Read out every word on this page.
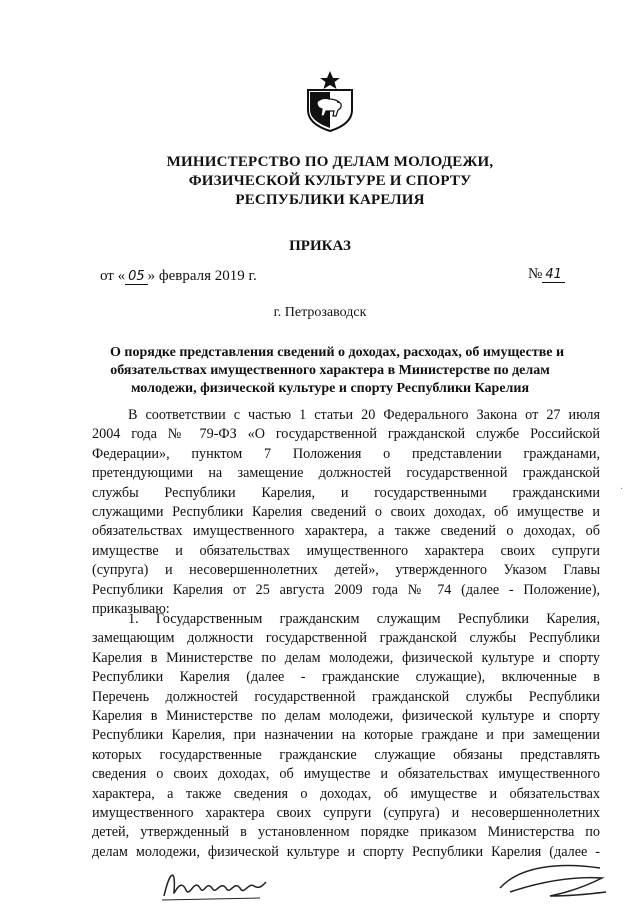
МИНИСТЕРСТВО ПО ДЕЛАМ МОЛОДЕЖИ,
ФИЗИЧЕСКОЙ КУЛЬТУРЕ И СПОРТУ
РЕСПУБЛИКИ КАРЕЛИЯ
ПРИКАЗ
от « 05 » февраля 2019 г.	№ 41
г. Петрозаводск
О порядке представления сведений о доходах, расходах, об имуществе и
обязательствах имущественного характера в Министерстве по делам
молодежи, физической культуре и спорту Республики Карелия
В соответствии с частью 1 статьи 20 Федерального Закона от 27 июля
2004 года № 79-ФЗ «О государственной гражданской службе Российской
Федерации», пунктом 7 Положения о представлении гражданами,
претендующими на замещение должностей государственной гражданской
службы Республики Карелия, и государственными гражданскими
служащими Республики Карелия сведений о своих доходах, об имуществе и
обязательствах имущественного характера, а также сведений о доходах, об
имуществе и обязательствах имущественного характера своих супруги
(супруга) и несовершеннолетних детей», утвержденного Указом Главы
Республики Карелия от 25 августа 2009 года № 74 (далее - Положение),
приказываю:
1. Государственным гражданским служащим Республики Карелия,
замещающим должности государственной гражданской службы Республики
Карелия в Министерстве по делам молодежи, физической культуре и спорту
Республики Карелия (далее - гражданские служащие), включенные в
Перечень должностей государственной гражданской службы Республики
Карелия в Министерстве по делам молодежи, физической культуре и спорту
Республики Карелия, при назначении на которые граждане и при замещении
которых государственные гражданские служащие обязаны представлять
сведения о своих доходах, об имуществе и обязательствах имущественного
характера, а также сведения о доходах, об имуществе и обязательствах
имущественного характера своих супруги (супруга) и несовершеннолетних
детей, утвержденный в установленном порядке приказом Министерства по
делам молодежи, физической культуре и спорту Республики Карелия (далее -
·
